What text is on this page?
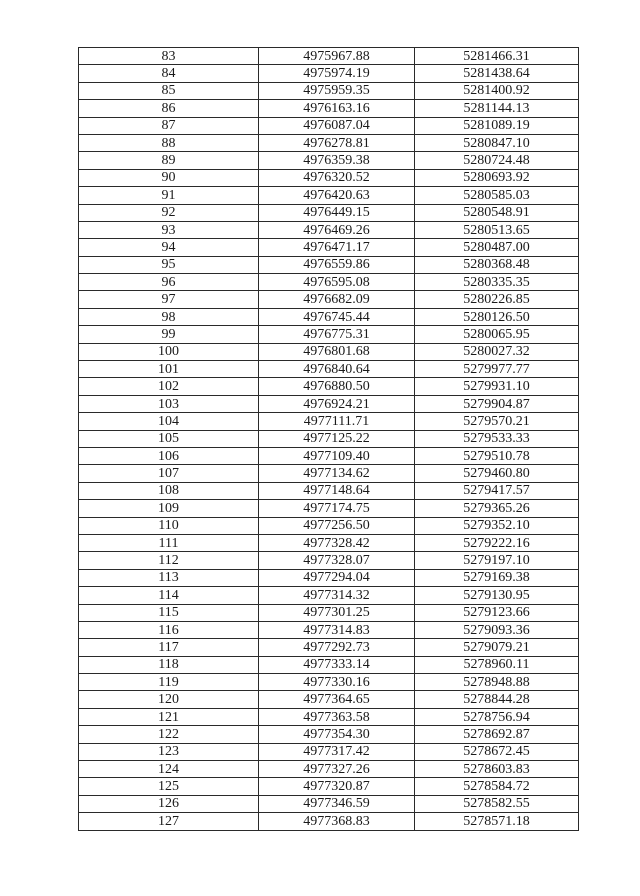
83	4975967.88	5281466.31
84	4975974.19	5281438.64
85	4975959.35	5281400.92
86	4976163.16	5281144.13
87	4976087.04	5281089.19
88	4976278.81	5280847.10
89	4976359.38	5280724.48
90	4976320.52	5280693.92
91	4976420.63	5280585.03
92	4976449.15	5280548.91
93	4976469.26	5280513.65
94	4976471.17	5280487.00
95	4976559.86	5280368.48
96	4976595.08	5280335.35
97	4976682.09	5280226.85
98	4976745.44	5280126.50
99	4976775.31	5280065.95
100	4976801.68	5280027.32
101	4976840.64	5279977.77
102	4976880.50	5279931.10
103	4976924.21	5279904.87
104	4977111.71	5279570.21
105	4977125.22	5279533.33
106	4977109.40	5279510.78
107	4977134.62	5279460.80
108	4977148.64	5279417.57
109	4977174.75	5279365.26
110	4977256.50	5279352.10
111	4977328.42	5279222.16
112	4977328.07	5279197.10
113	4977294.04	5279169.38
114	4977314.32	5279130.95
115	4977301.25	5279123.66
116	4977314.83	5279093.36
117	4977292.73	5279079.21
118	4977333.14	5278960.11
119	4977330.16	5278948.88
120	4977364.65	5278844.28
121	4977363.58	5278756.94
122	4977354.30	5278692.87
123	4977317.42	5278672.45
124	4977327.26	5278603.83
125	4977320.87	5278584.72
126	4977346.59	5278582.55
127	4977368.83	5278571.18
